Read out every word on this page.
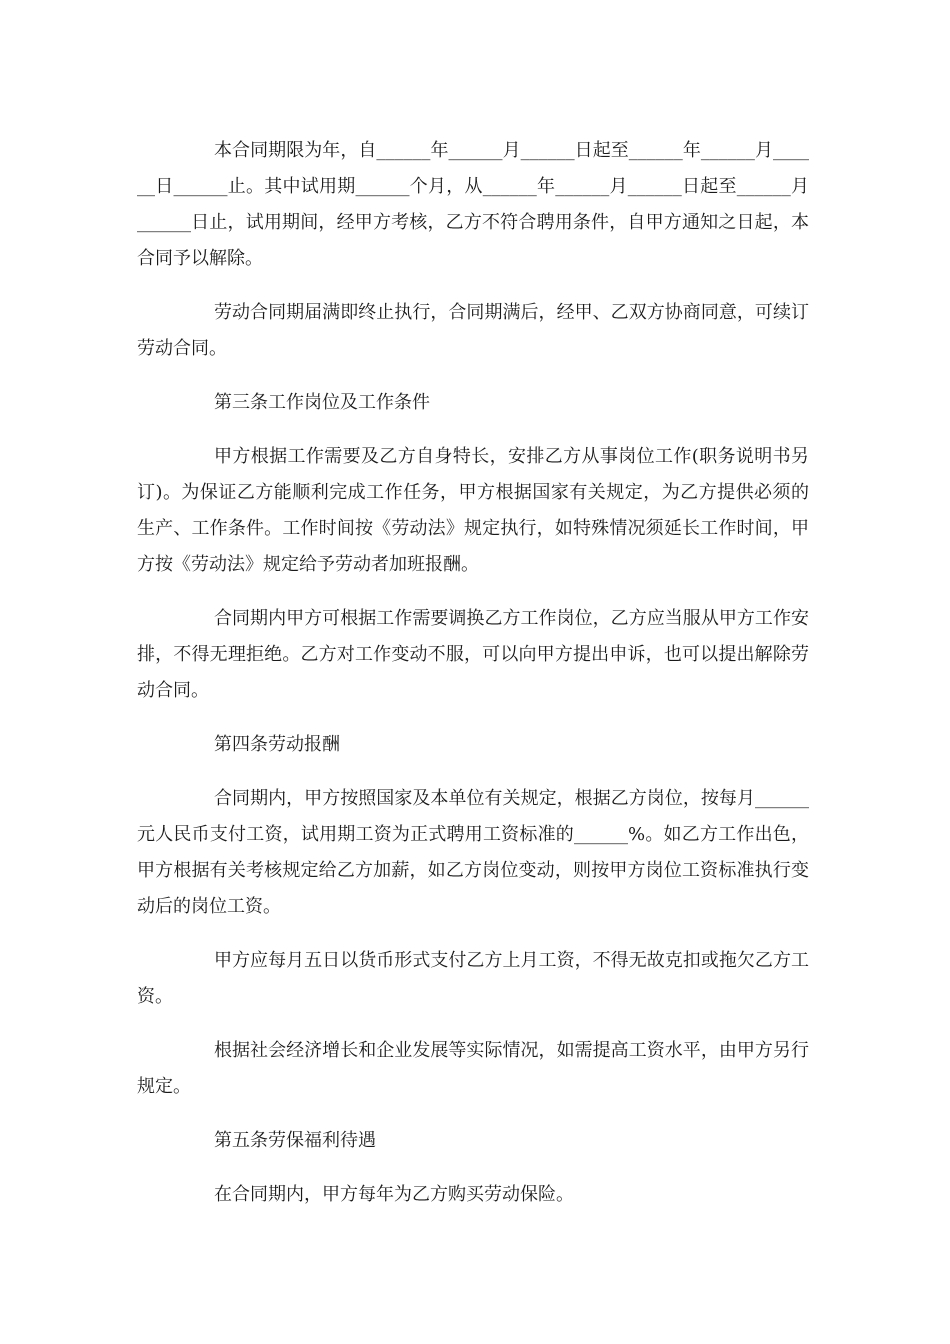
本合同期限为年，自______年______月______日起至______年______月______日______止。其中试用期______个月，从______年______月______日起至______月______日止，试用期间，经甲方考核，乙方不符合聘用条件，自甲方通知之日起，本合同予以解除。

劳动合同期届满即终止执行，合同期满后，经甲、乙双方协商同意，可续订劳动合同。

第三条工作岗位及工作条件

甲方根据工作需要及乙方自身特长，安排乙方从事岗位工作(职务说明书另订)。为保证乙方能顺利完成工作任务，甲方根据国家有关规定，为乙方提供必须的生产、工作条件。工作时间按《劳动法》规定执行，如特殊情况须延长工作时间，甲方按《劳动法》规定给予劳动者加班报酬。

合同期内甲方可根据工作需要调换乙方工作岗位，乙方应当服从甲方工作安排，不得无理拒绝。乙方对工作变动不服，可以向甲方提出申诉，也可以提出解除劳动合同。

第四条劳动报酬

合同期内，甲方按照国家及本单位有关规定，根据乙方岗位，按每月______元人民币支付工资，试用期工资为正式聘用工资标准的______%。如乙方工作出色，甲方根据有关考核规定给乙方加薪，如乙方岗位变动，则按甲方岗位工资标准执行变动后的岗位工资。

甲方应每月五日以货币形式支付乙方上月工资，不得无故克扣或拖欠乙方工资。

根据社会经济增长和企业发展等实际情况，如需提高工资水平，由甲方另行规定。

第五条劳保福利待遇

在合同期内，甲方每年为乙方购买劳动保险。
